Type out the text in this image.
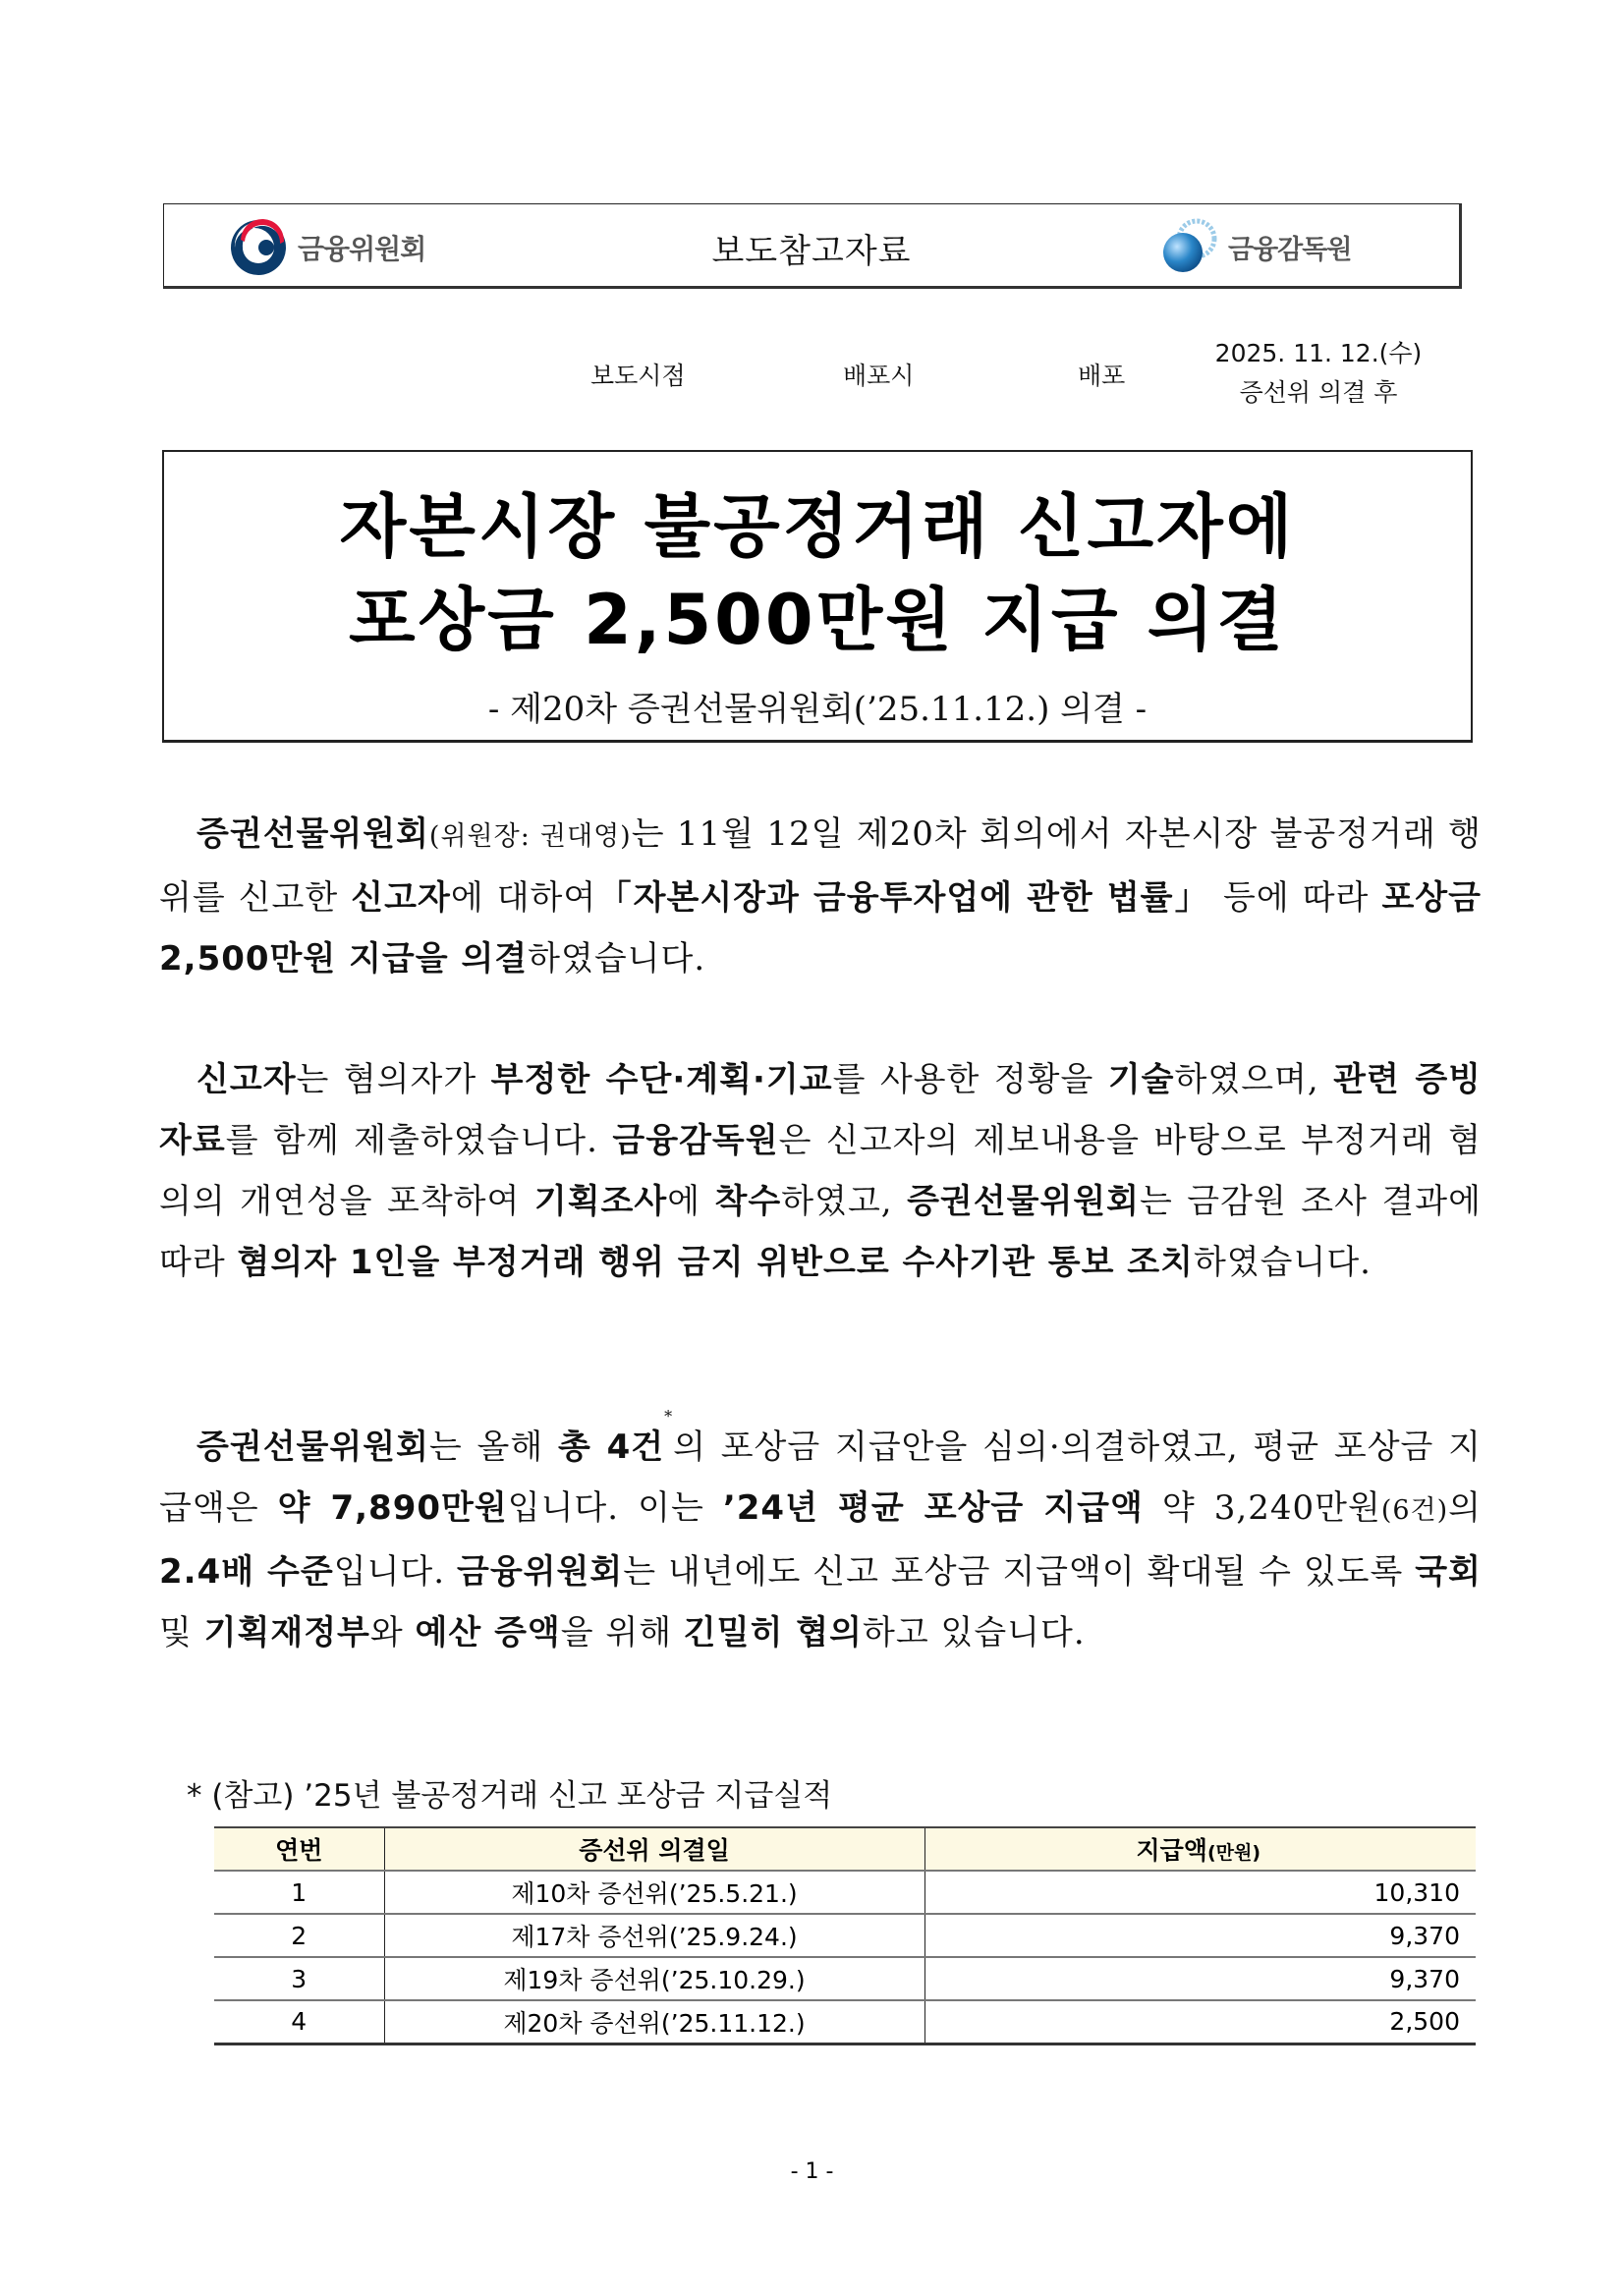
금융위원회	보도참고자료	금융감독원
보도시점	배포시	배포
2025. 11. 12.(수)
증선위 의결 후
자본시장 불공정거래 신고자에
포상금 2,500만원 지급 의결
- 제20차 증권선물위원회(’25.11.12.) 의결 -
증권선물위원회(위원장: 권대영)는 11월 12일 제20차 회의에서 자본시장 불공정거래 행위를 신고한 신고자에 대하여「자본시장과 금융투자업에 관한 법률」 등에 따라 포상금 2,500만원 지급을 의결하였습니다.
신고자는 혐의자가 부정한 수단·계획·기교를 사용한 정황을 기술하였으며, 관련 증빙자료를 함께 제출하였습니다. 금융감독원은 신고자의 제보내용을 바탕으로 부정거래 혐의의 개연성을 포착하여 기획조사에 착수하였고, 증권선물위원회는 금감원 조사 결과에 따라 혐의자 1인을 부정거래 행위 금지 위반으로 수사기관 통보 조치하였습니다.
증권선물위원회는 올해 총 4건*의 포상금 지급안을 심의·의결하였고, 평균 포상금 지급액은 약 7,890만원입니다. 이는 ’24년 평균 포상금 지급액 약 3,240만원(6건)의 2.4배 수준입니다. 금융위원회는 내년에도 신고 포상금 지급액이 확대될 수 있도록 국회 및 기획재정부와 예산 증액을 위해 긴밀히 협의하고 있습니다.
* (참고) ’25년 불공정거래 신고 포상금 지급실적
연번	증선위 의결일	지급액(만원)
1	제10차 증선위(’25.5.21.)	10,310
2	제17차 증선위(’25.9.24.)	9,370
3	제19차 증선위(’25.10.29.)	9,370
4	제20차 증선위(’25.11.12.)	2,500
- 1 -
